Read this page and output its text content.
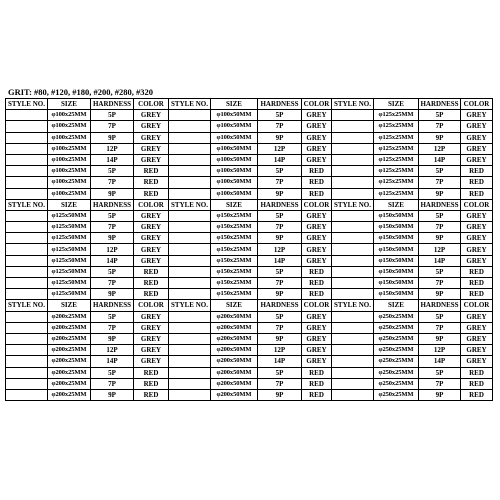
GRIT: #80, #120, #180, #200, #280, #320
STYLE NO.	SIZE	HARDNESS	COLOR	STYLE NO.	SIZE	HARDNESS	COLOR	STYLE NO.	SIZE	HARDNESS	COLOR
	φ100x25MM	5P	GREY		φ100x50MM	5P	GREY		φ125x25MM	5P	GREY
	φ100x25MM	7P	GREY		φ100x50MM	7P	GREY		φ125x25MM	7P	GREY
	φ100x25MM	9P	GREY		φ100x50MM	9P	GREY		φ125x25MM	9P	GREY
	φ100x25MM	12P	GREY		φ100x50MM	12P	GREY		φ125x25MM	12P	GREY
	φ100x25MM	14P	GREY		φ100x50MM	14P	GREY		φ125x25MM	14P	GREY
	φ100x25MM	5P	RED		φ100x50MM	5P	RED		φ125x25MM	5P	RED
	φ100x25MM	7P	RED		φ100x50MM	7P	RED		φ125x25MM	7P	RED
	φ100x25MM	9P	RED		φ100x50MM	9P	RED		φ125x25MM	9P	RED
STYLE NO.	SIZE	HARDNESS	COLOR	STYLE NO.	SIZE	HARDNESS	COLOR	STYLE NO.	SIZE	HARDNESS	COLOR
	φ125x50MM	5P	GREY		φ150x25MM	5P	GREY		φ150x50MM	5P	GREY
	φ125x50MM	7P	GREY		φ150x25MM	7P	GREY		φ150x50MM	7P	GREY
	φ125x50MM	9P	GREY		φ150x25MM	9P	GREY		φ150x50MM	9P	GREY
	φ125x50MM	12P	GREY		φ150x25MM	12P	GREY		φ150x50MM	12P	GREY
	φ125x50MM	14P	GREY		φ150x25MM	14P	GREY		φ150x50MM	14P	GREY
	φ125x50MM	5P	RED		φ150x25MM	5P	RED		φ150x50MM	5P	RED
	φ125x50MM	7P	RED		φ150x25MM	7P	RED		φ150x50MM	7P	RED
	φ125x50MM	9P	RED		φ150x25MM	9P	RED		φ150x50MM	9P	RED
STYLE NO.	SIZE	HARDNESS	COLOR	STYLE NO.	SIZE	HARDNESS	COLOR	STYLE NO.	SIZE	HARDNESS	COLOR
	φ200x25MM	5P	GREY		φ200x50MM	5P	GREY		φ250x25MM	5P	GREY
	φ200x25MM	7P	GREY		φ200x50MM	7P	GREY		φ250x25MM	7P	GREY
	φ200x25MM	9P	GREY		φ200x50MM	9P	GREY		φ250x25MM	9P	GREY
	φ200x25MM	12P	GREY		φ200x50MM	12P	GREY		φ250x25MM	12P	GREY
	φ200x25MM	14P	GREY		φ200x50MM	14P	GREY		φ250x25MM	14P	GREY
	φ200x25MM	5P	RED		φ200x50MM	5P	RED		φ250x25MM	5P	RED
	φ200x25MM	7P	RED		φ200x50MM	7P	RED		φ250x25MM	7P	RED
	φ200x25MM	9P	RED		φ200x50MM	9P	RED		φ250x25MM	9P	RED
